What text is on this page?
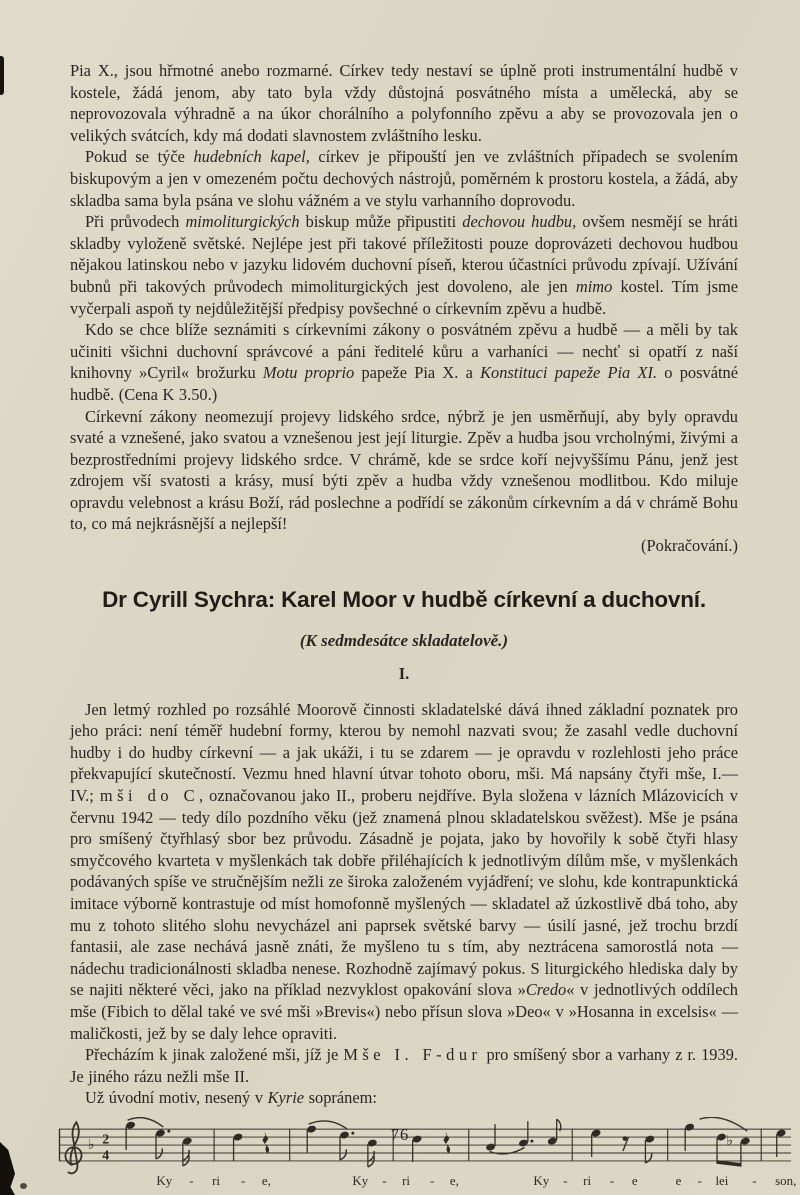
Pia X., jsou hřmotné anebo rozmarné. Církev tedy nestaví se úplně proti instrumentální hudbě v kostele, žádá jenom, aby tato byla vždy důstojná posvátného místa a umělecká, aby se neprovozovala výhradně a na úkor chorálního a polyfonního zpěvu a aby se provozovala jen o velikých svátcích, kdy má dodati slavnostem zvláštního lesku.

Pokud se týče hudebních kapel, církev je připouští jen ve zvláštních případech se svolením biskupovým a jen v omezeném počtu dechových nástrojů, poměrném k prostoru kostela, a žádá, aby skladba sama byla psána ve slohu vážném a ve stylu varhanního doprovodu.

Při průvodech mimoliturgických biskup může připustiti dechovou hudbu, ovšem nesmějí se hráti skladby vyloženě světské. Nejlépe jest při takové příležitosti pouze doprovázeti dechovou hudbou nějakou latinskou nebo v jazyku lidovém duchovní píseň, kterou účastníci průvodu zpívají. Užívání bubnů při takových průvodech mimoliturgických jest dovoleno, ale jen mimo kostel. Tím jsme vyčerpali aspoň ty nejdůležitější předpisy povšechné o církevním zpěvu a hudbě.

Kdo se chce blíže seznámiti s církevními zákony o posvátném zpěvu a hudbě — a měli by tak učiniti všichni duchovní správcové a páni ředitelé kůru a varhaníci — nechť si opatří z naší knihovny »Cyril« brožurku Motu proprio papeže Pia X. a Konstituci papeže Pia XI. o posvátné hudbě. (Cena K 3.50.)

Církevní zákony neomezují projevy lidského srdce, nýbrž je jen usměrňují, aby byly opravdu svaté a vznešené, jako svatou a vznešenou jest její liturgie. Zpěv a hudba jsou vrcholnými, živými a bezprostředními projevy lidského srdce. V chrámě, kde se srdce koří nejvyššímu Pánu, jenž jest zdrojem vší svatosti a krásy, musí býti zpěv a hudba vždy vznešenou modlitbou. Kdo miluje opravdu velebnost a krásu Boží, rád poslechne a podřídí se zákonům církevním a dá v chrámě Bohu to, co má nejkrásnější a nejlepší!

(Pokračování.)

Dr Cyrill Sychra: Karel Moor v hudbě církevní a duchovní.

(K sedmdesátce skladatelově.)

I.

Jen letmý rozhled po rozsáhlé Moorově činnosti skladatelské dává ihned základní poznatek pro jeho práci: není téměř hudební formy, kterou by nemohl nazvati svou; že zasahl vedle duchovní hudby i do hudby církevní — a jak ukáži, i tu se zdarem — je opravdu v rozlehlosti jeho práce překvapující skutečností. Vezmu hned hlavní útvar tohoto oboru, mši. Má napsány čtyři mše, I.—IV.; mši do C, označovanou jako II., proberu nejdříve. Byla složena v lázních Mlázovicích v červnu 1942 — tedy dílo pozdního věku (jež znamená plnou skladatelskou svěžest). Mše je psána pro smíšený čtyřhlasý sbor bez průvodu. Zásadně je pojata, jako by hovořily k sobě čtyři hlasy smyčcového kvarteta v myšlenkách tak dobře přiléhajících k jednotlivým dílům mše, v myšlenkách podávaných spíše ve stručnějším nežli ze široka založeném vyjádření; ve slohu, kde kontrapunktická imitace výborně kontrastuje od míst homofonně myšlených — skladatel až úzkostlivě dbá toho, aby mu z tohoto slitého slohu nevycházel ani paprsek světské barvy — úsilí jasné, jež trochu brzdí fantasii, ale zase nechává jasně znáti, že myšleno tu s tím, aby neztrácena samorostlá nota — nádechu tradicionálnosti skladba nenese. Rozhodně zajímavý pokus. S liturgického hlediska daly by se najiti některé věci, jako na příklad nezvyklost opakování slova »Credo« v jednotlivých oddílech mše (Fibich to dělal také ve své mši »Brevis«) nebo přísun slova »Deo« v »Hosanna in excelsis« — maličkosti, jež by se daly lehce opraviti.

Přecházím k jinak založené mši, jíž je Mše I. F-dur pro smíšený sbor a varhany z r. 1939. Je jiného rázu nežli mše II.

Už úvodní motiv, nesený v Kyrie sopránem:

♭ 2
4
♭
Ky - ri - e,	Ky - ri - e,	Ky - ri - e	e - lei - son,
76
